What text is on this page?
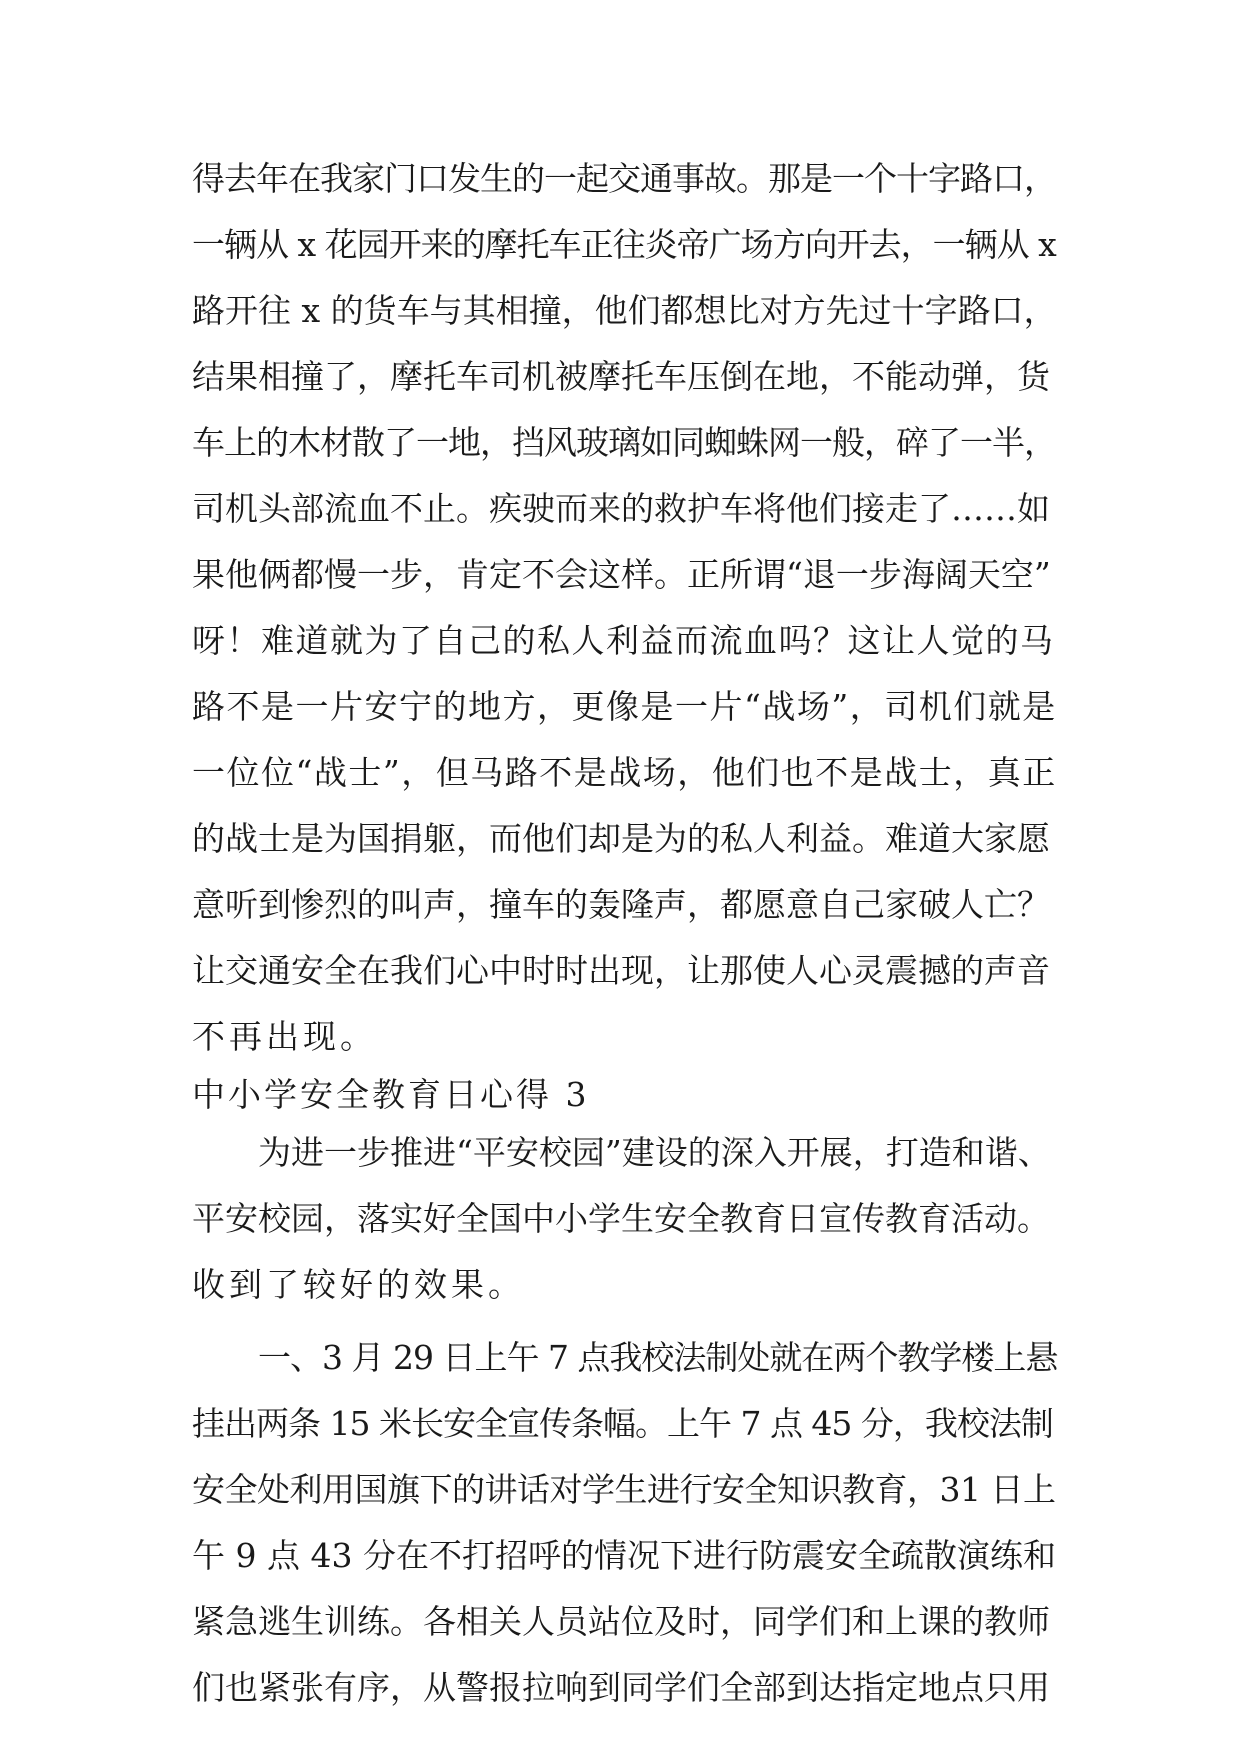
得去年在我家门口发生的一起交通事故。那是一个十字路口，
一辆从 x 花园开来的摩托车正往炎帝广场方向开去，一辆从 x
路开往 x 的货车与其相撞，他们都想比对方先过十字路口，
结果相撞了，摩托车司机被摩托车压倒在地，不能动弹，货
车上的木材散了一地，挡风玻璃如同蜘蛛网一般，碎了一半，
司机头部流血不止。疾驶而来的救护车将他们接走了……如
果他俩都慢一步，肯定不会这样。正所谓“退一步海阔天空”
呀！难道就为了自己的私人利益而流血吗？这让人觉的马
路不是一片安宁的地方，更像是一片“战场”，司机们就是
一位位“战士”，但马路不是战场，他们也不是战士，真正
的战士是为国捐躯，而他们却是为的私人利益。难道大家愿
意听到惨烈的叫声，撞车的轰隆声，都愿意自己家破人亡？
让交通安全在我们心中时时出现，让那使人心灵震撼的声音
不再出现。
中小学安全教育日心得 3
为进一步推进“平安校园”建设的深入开展，打造和谐、
平安校园，落实好全国中小学生安全教育日宣传教育活动。
收到了较好的效果。
一、3 月 29 日上午 7 点我校法制处就在两个教学楼上悬
挂出两条 15 米长安全宣传条幅。上午 7 点 45 分，我校法制
安全处利用国旗下的讲话对学生进行安全知识教育，31 日上
午 9 点 43 分在不打招呼的情况下进行防震安全疏散演练和
紧急逃生训练。各相关人员站位及时，同学们和上课的教师
们也紧张有序，从警报拉响到同学们全部到达指定地点只用
